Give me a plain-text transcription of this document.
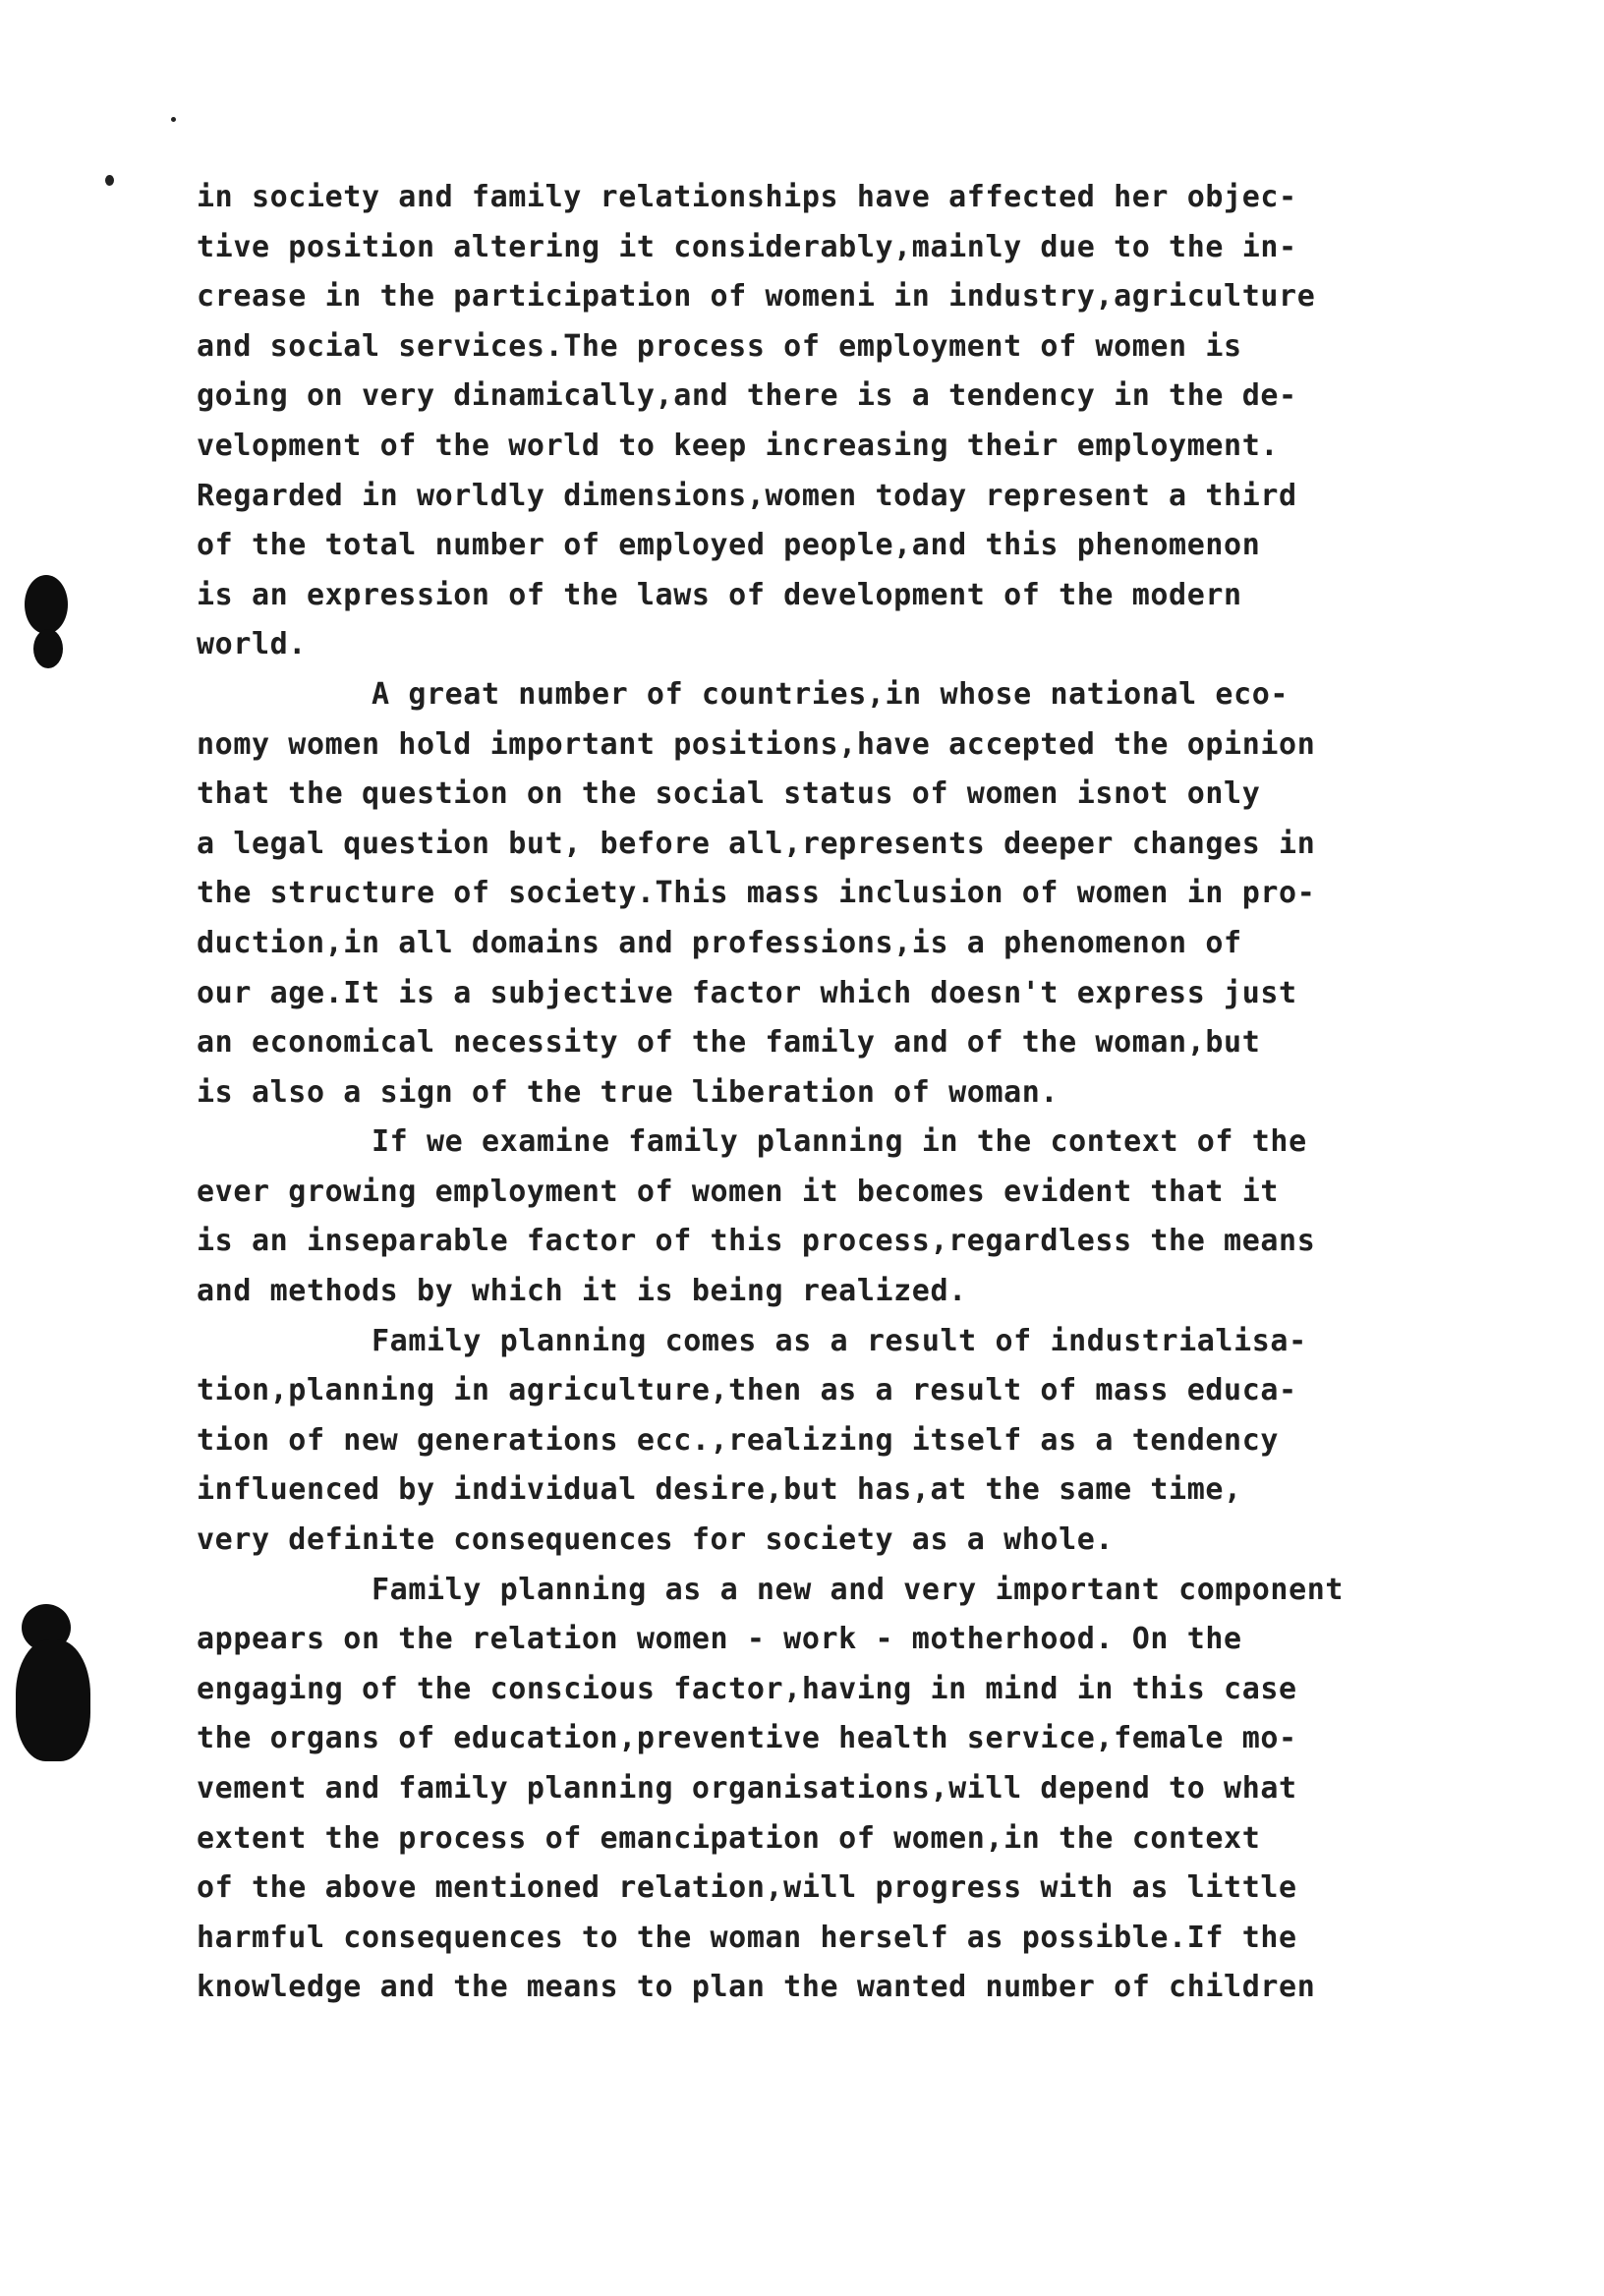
in society and family relationships have affected her objec-
tive position altering it considerably,mainly due to the in-
crease in the participation of womeni in industry,agriculture
and social services.The process of employment of women is
going on very dinamically,and there is a tendency in the de-
velopment of the world to keep increasing their employment.
Regarded in worldly dimensions,women today represent a third
of the total number of employed people,and this phenomenon
is an expression of the laws of development of the modern
world.
A great number of countries,in whose national eco-
nomy women hold important positions,have accepted the opinion
that the question on the social status of women isnot only
a legal question but, before all,represents deeper changes in
the structure of society.This mass inclusion of women in pro-
duction,in all domains and professions,is a phenomenon of
our age.It is a subjective factor which doesn't express just
an economical necessity of the family and of the woman,but
is also a sign of the true liberation of woman.
If we examine family planning in the context of the
ever growing employment of women it becomes evident that it
is an inseparable factor of this process,regardless the means
and methods by which it is being realized.
Family planning comes as a result of industrialisa-
tion,planning in agriculture,then as a result of mass educa-
tion of new generations ecc.,realizing itself as a tendency
influenced by individual desire,but has,at the same time,
very definite consequences for society as a whole.
Family planning as a new and very important component
appears on the relation women - work - motherhood. On the
engaging of the conscious factor,having in mind in this case
the organs of education,preventive health service,female mo-
vement and family planning organisations,will depend to what
extent the process of emancipation of women,in the context
of the above mentioned relation,will progress with as little
harmful consequences to the woman herself as possible.If the
knowledge and the means to plan the wanted number of children
